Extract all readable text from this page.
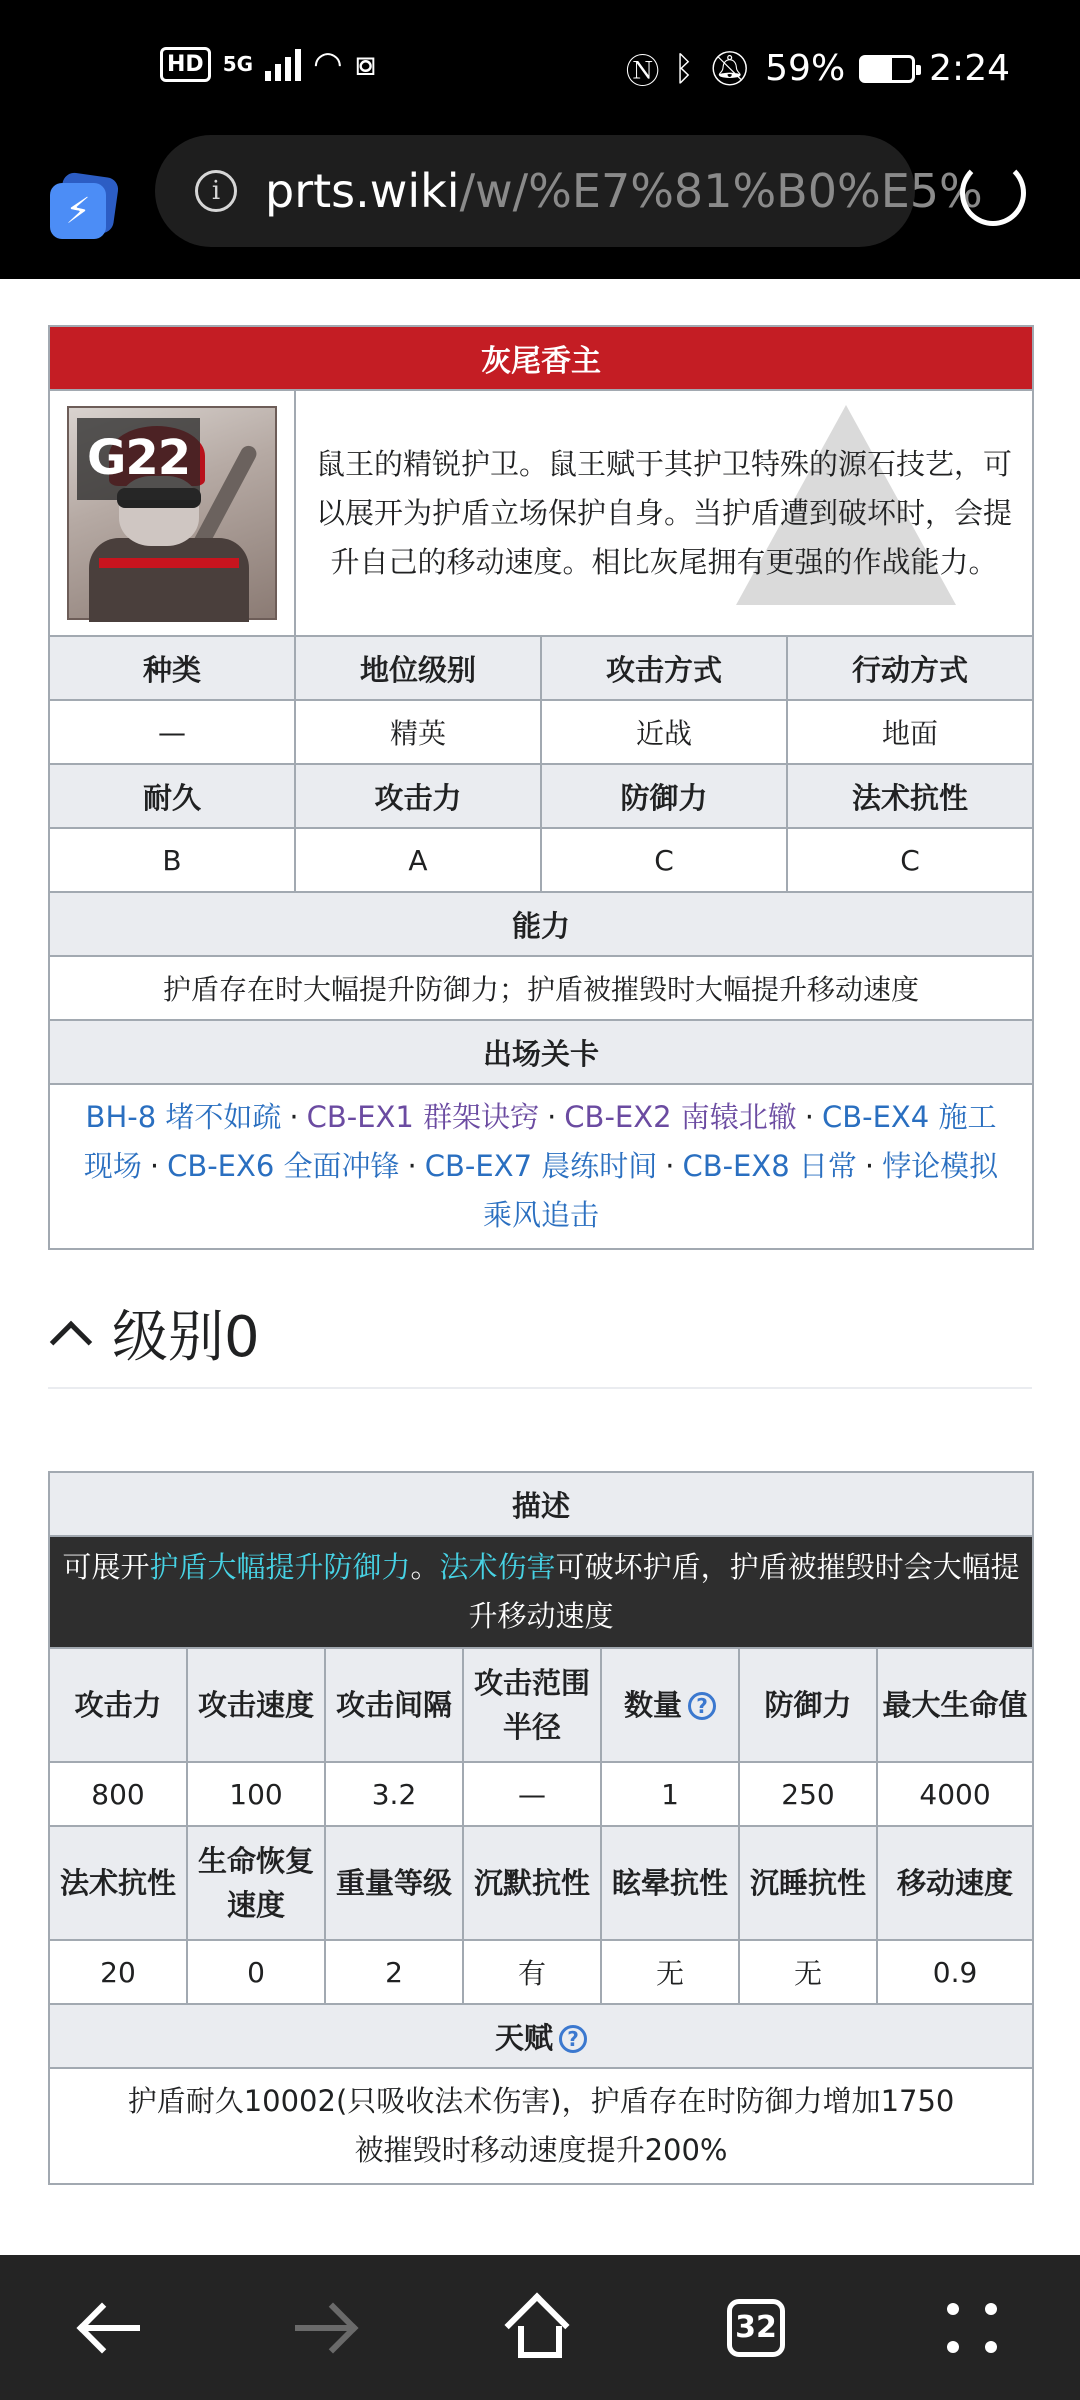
HD 5G ◠ ⧇	Ⓝ ᛒ 🔕︎ 59% 2:24
⚡︎	i prts.wiki /w/%E7%81%B0%E5%
灰尾香主			

G22	鼠王的精锐护卫。鼠王赋于其护卫特殊的源石技艺，可以展开为护盾立场保护自身。当护盾遭到破坏时，会提升自己的移动速度。相比灰尾拥有更强的作战能力。		

种类	地位级别	攻击方式	行动方式
—	精英	近战	地面
耐久	攻击力	防御力	法术抗性
B	A	C	C
能力			
护盾存在时大幅提升防御力；护盾被摧毁时大幅提升移动速度			
出场关卡			
BH-8 堵不如疏 · CB-EX1 群架诀窍 · CB-EX2 南辕北辙 · CB-EX4 施工现场 · CB-EX6 全面冲锋 · CB-EX7 晨练时间 · CB-EX8 日常 · 悖论模拟 乘风追击			
级别0
描述						
可展开护盾大幅提升防御力。法术伤害可破坏护盾，护盾被摧毁时会大幅提升移动速度						
攻击力	攻击速度	攻击间隔	攻击范围半径	数量 ?	防御力	最大生命值
800	100	3.2	—	1	250	4000
法术抗性	生命恢复速度	重量等级	沉默抗性	眩晕抗性	沉睡抗性	移动速度
20	0	2	有	无	无	0.9
天赋 ?						

护盾耐久10002(只吸收法术伤害)，护盾存在时防御力增加1750
被摧毁时移动速度提升200%						
32
